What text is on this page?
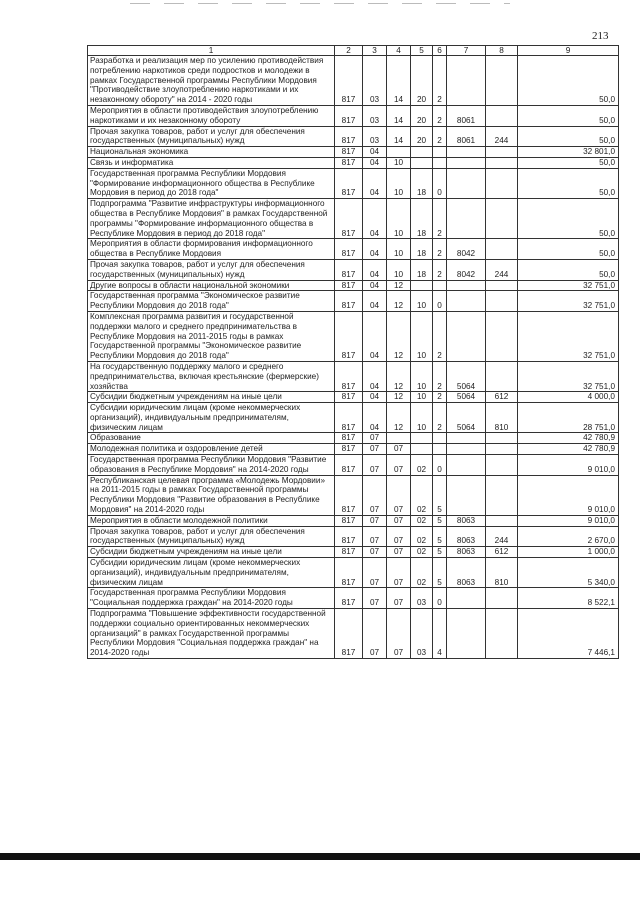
213
1	2	3	4	5	6	7	8	9
Разработка и реализация мер по усилению противодействия потреблению наркотиков среди подростков и молодежи в рамках Государственной программы Республики Мордовия "Противодействие злоупотреблению наркотиками и их незаконному обороту" на 2014 - 2020 годы	817	03	14	20	2			50,0
Мероприятия в области противодействия злоупотреблению наркотиками и их незаконному обороту	817	03	14	20	2	8061		50,0
Прочая закупка товаров, работ и услуг для обеспечения государственных (муниципальных) нужд	817	03	14	20	2	8061	244	50,0
Национальная экономика	817	04						32 801,0
Связь и информатика	817	04	10					50,0
Государственная программа Республики Мордовия "Формирование информационного общества в Республике Мордовия в период до 2018 года"	817	04	10	18	0			50,0
Подпрограмма "Развитие инфраструктуры информационного общества в Республике Мордовия" в рамках Государственной программы "Формирование информационного общества в Республике Мордовия в период до 2018 года"	817	04	10	18	2			50,0
Мероприятия в области формирования информационного общества в Республике Мордовия	817	04	10	18	2	8042		50,0
Прочая закупка товаров, работ и услуг для обеспечения государственных (муниципальных) нужд	817	04	10	18	2	8042	244	50,0
Другие вопросы в области национальной экономики	817	04	12					32 751,0
Государственная программа "Экономическое развитие Республики Мордовия до 2018 года"	817	04	12	10	0			32 751,0
Комплексная программа развития и государственной поддержки малого и среднего предпринимательства в Республике Мордовия на 2011-2015 годы в рамках Государственной программы "Экономическое развитие Республики Мордовия до 2018 года"	817	04	12	10	2			32 751,0
На государственную поддержку малого и среднего предпринимательства, включая крестьянские (фермерские) хозяйства	817	04	12	10	2	5064		32 751,0
Субсидии бюджетным учреждениям на иные цели	817	04	12	10	2	5064	612	4 000,0
Субсидии юридическим лицам (кроме некоммерческих организаций), индивидуальным предпринимателям, физическим лицам	817	04	12	10	2	5064	810	28 751,0
Образование	817	07						42 780,9
Молодежная политика и оздоровление детей	817	07	07					42 780,9
Государственная программа Республики Мордовия "Развитие образования в Республике Мордовия" на 2014-2020 годы	817	07	07	02	0			9 010,0
Республиканская целевая программа «Молодежь Мордовии» на 2011-2015 годы в рамках Государственной программы Республики Мордовия "Развитие образования в Республике Мордовия" на 2014-2020 годы	817	07	07	02	5			9 010,0
Мероприятия в области молодежной политики	817	07	07	02	5	8063		9 010,0
Прочая закупка товаров, работ и услуг для обеспечения государственных (муниципальных) нужд	817	07	07	02	5	8063	244	2 670,0
Субсидии бюджетным учреждениям на иные цели	817	07	07	02	5	8063	612	1 000,0
Субсидии юридическим лицам (кроме некоммерческих организаций), индивидуальным предпринимателям, физическим лицам	817	07	07	02	5	8063	810	5 340,0
Государственная программа Республики Мордовия "Социальная поддержка граждан" на 2014-2020 годы	817	07	07	03	0			8 522,1
Подпрограмма "Повышение эффективности государственной поддержки социально ориентированных некоммерческих организаций" в рамках Государственной программы Республики Мордовия "Социальная поддержка граждан" на 2014-2020 годы	817	07	07	03	4			7 446,1
